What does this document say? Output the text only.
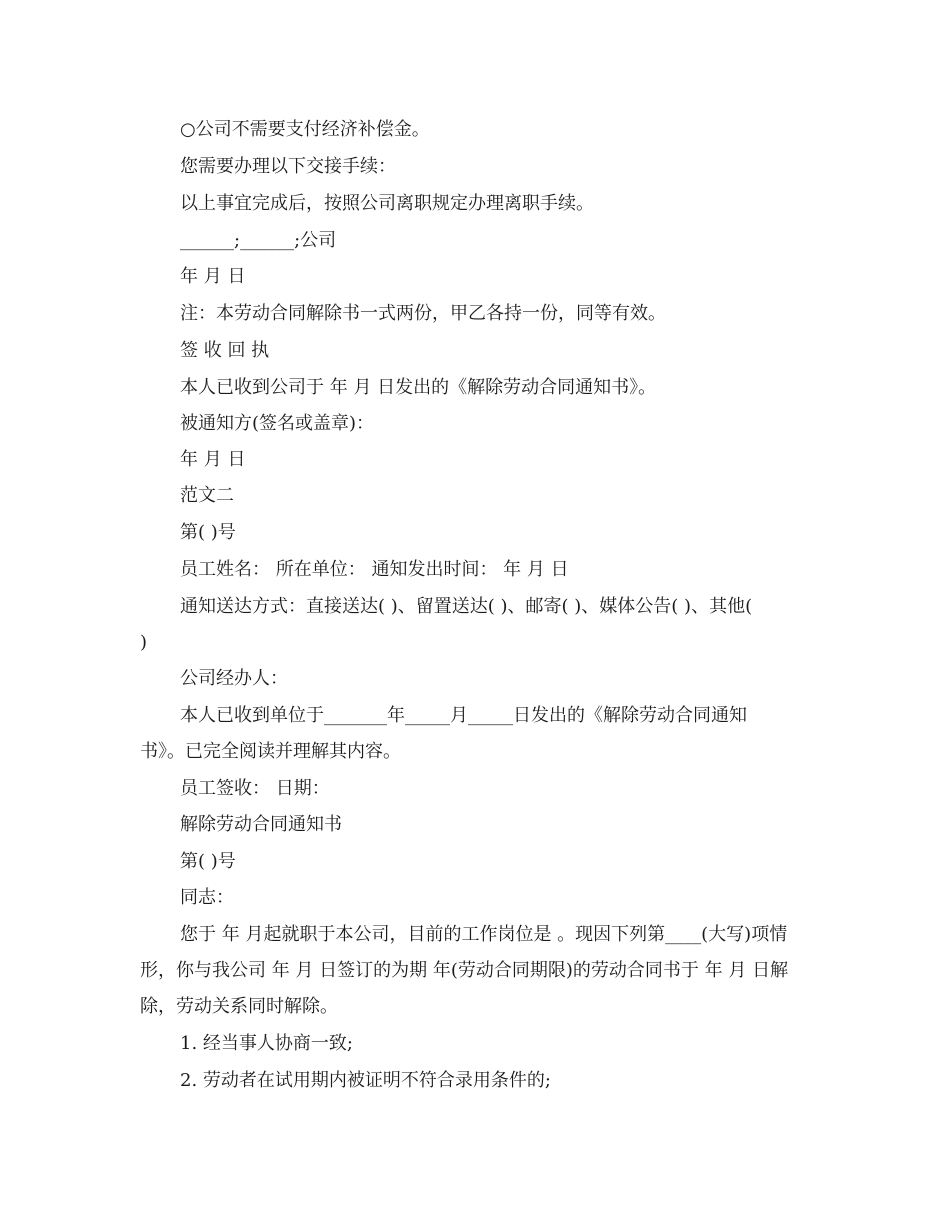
○公司不需要支付经济补偿金。
您需要办理以下交接手续：
以上事宜完成后，按照公司离职规定办理离职手续。
______;______;公司
年 月 日
注：本劳动合同解除书一式两份，甲乙各持一份，同等有效。
签 收 回 执
本人已收到公司于 年 月 日发出的《解除劳动合同通知书》。
被通知方(签名或盖章)：
年 月 日
范文二
第( )号
员工姓名： 所在单位： 通知发出时间： 年 月 日
通知送达方式：直接送达( )、留置送达( )、邮寄( )、媒体公告( )、其他(
)
公司经办人：
本人已收到单位于_______年_____月_____日发出的《解除劳动合同通知
书》。已完全阅读并理解其内容。
员工签收： 日期：
解除劳动合同通知书
第( )号
同志：
您于 年 月起就职于本公司，目前的工作岗位是 。现因下列第____(大写)项情
形，你与我公司 年 月 日签订的为期 年(劳动合同期限)的劳动合同书于 年 月 日解
除，劳动关系同时解除。
1. 经当事人协商一致;
2. 劳动者在试用期内被证明不符合录用条件的;
